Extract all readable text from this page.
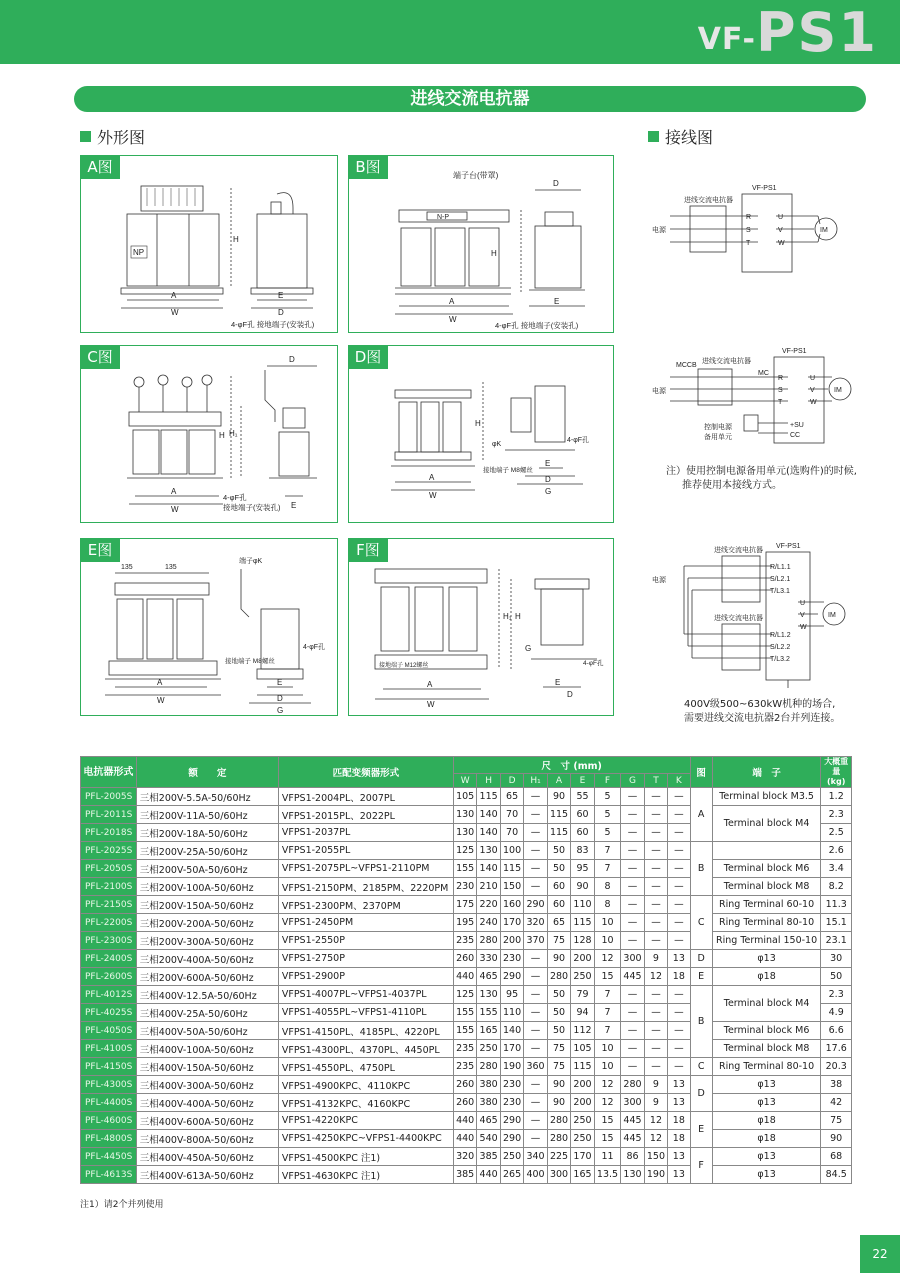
VF- PS1
进线交流电抗器
外形图	接线图
NP
H
A
W
E
D
4-φF孔 接地端子(安装孔)
A图	端子台(带罩)
D
N-P
H
A
W
E
4-φF孔 接地端子(安装孔)
B图
D
H H₁
A
W	E
4-φF孔
接地端子(安装孔)
C图
H
φK
A
W
E
D
G
接地端子 M8螺丝
4-φF孔
D图
135	135
端子φK
A
W
E
D
G
接地端子 M8螺丝
4-φF孔
E图
接地端子 M12螺丝
A
W
E
D
H₁ H
G
4-φF孔
F图
进线交流电抗器
VF-PS1
电源	IM
R
S
T
U
V
W
MCCB
进线交流电抗器
VF-PS1
MC
电源	IM
控制电源
备用单元
+SU
CC
R
S
T
U
V
W
注）使用控制电源备用单元(选购件)的时候,
推荐使用本接线方式。
进线交流电抗器
进线交流电抗器
VF-PS1
电源
IM
R/L1.1
S/L2.1
T/L3.1
R/L1.2
S/L2.2
T/L3.2
U
V
W
400V级500~630kW机种的场合,
需要进线交流电抗器2台并列连接。
电抗器形式	额　　定	匹配变频器形式	尺　寸 (mm)										图	端　子	大概重量(kg)
			W	H	D	H₁	A	E	F	G	T	K			
PFL-2005S	三相200V-5.5A-50/60Hz	VFPS1-2004PL、2007PL	105	115	65	—	90	55	5	—	—	—	A	Terminal block M3.5	1.2
PFL-2011S	三相200V-11A-50/60Hz	VFPS1-2015PL、2022PL	130	140	70	—	115	60	5	—	—	—		Terminal block M4	2.3
PFL-2018S	三相200V-18A-50/60Hz	VFPS1-2037PL	130	140	70	—	115	60	5	—	—	—			2.5
PFL-2025S	三相200V-25A-50/60Hz	VFPS1-2055PL	125	130	100	—	50	83	7	—	—	—	B		2.6
PFL-2050S	三相200V-50A-50/60Hz	VFPS1-2075PL~VFPS1-2110PM	155	140	115	—	50	95	7	—	—	—		Terminal block M6	3.4
PFL-2100S	三相200V-100A-50/60Hz	VFPS1-2150PM、2185PM、2220PM	230	210	150	—	60	90	8	—	—	—		Terminal block M8	8.2
PFL-2150S	三相200V-150A-50/60Hz	VFPS1-2300PM、2370PM	175	220	160	290	60	110	8	—	—	—	C	Ring Terminal 60-10	11.3
PFL-2200S	三相200V-200A-50/60Hz	VFPS1-2450PM	195	240	170	320	65	115	10	—	—	—		Ring Terminal 80-10	15.1
PFL-2300S	三相200V-300A-50/60Hz	VFPS1-2550P	235	280	200	370	75	128	10	—	—	—		Ring Terminal 150-10	23.1
PFL-2400S	三相200V-400A-50/60Hz	VFPS1-2750P	260	330	230	—	90	200	12	300	9	13	D	φ13	30
PFL-2600S	三相200V-600A-50/60Hz	VFPS1-2900P	440	465	290	—	280	250	15	445	12	18	E	φ18	50
PFL-4012S	三相400V-12.5A-50/60Hz	VFPS1-4007PL~VFPS1-4037PL	125	130	95	—	50	79	7	—	—	—	B	Terminal block M4	2.3
PFL-4025S	三相400V-25A-50/60Hz	VFPS1-4055PL~VFPS1-4110PL	155	155	110	—	50	94	7	—	—	—			4.9
PFL-4050S	三相400V-50A-50/60Hz	VFPS1-4150PL、4185PL、4220PL	155	165	140	—	50	112	7	—	—	—		Terminal block M6	6.6
PFL-4100S	三相400V-100A-50/60Hz	VFPS1-4300PL、4370PL、4450PL	235	250	170	—	75	105	10	—	—	—		Terminal block M8	17.6
PFL-4150S	三相400V-150A-50/60Hz	VFPS1-4550PL、4750PL	235	280	190	360	75	115	10	—	—	—	C	Ring Terminal 80-10	20.3
PFL-4300S	三相400V-300A-50/60Hz	VFPS1-4900KPC、4110KPC	260	380	230	—	90	200	12	280	9	13	D	φ13	38
PFL-4400S	三相400V-400A-50/60Hz	VFPS1-4132KPC、4160KPC	260	380	230	—	90	200	12	300	9	13		φ13	42
PFL-4600S	三相400V-600A-50/60Hz	VFPS1-4220KPC	440	465	290	—	280	250	15	445	12	18	E	φ18	75
PFL-4800S	三相400V-800A-50/60Hz	VFPS1-4250KPC~VFPS1-4400KPC	440	540	290	—	280	250	15	445	12	18		φ18	90
PFL-4450S	三相400V-450A-50/60Hz	VFPS1-4500KPC 注1)	320	385	250	340	225	170	11	86	150	13	F	φ13	68
PFL-4613S	三相400V-613A-50/60Hz	VFPS1-4630KPC 注1)	385	440	265	400	300	165	13.5	130	190	13		φ13	84.5
注1）请2个并列使用
22
